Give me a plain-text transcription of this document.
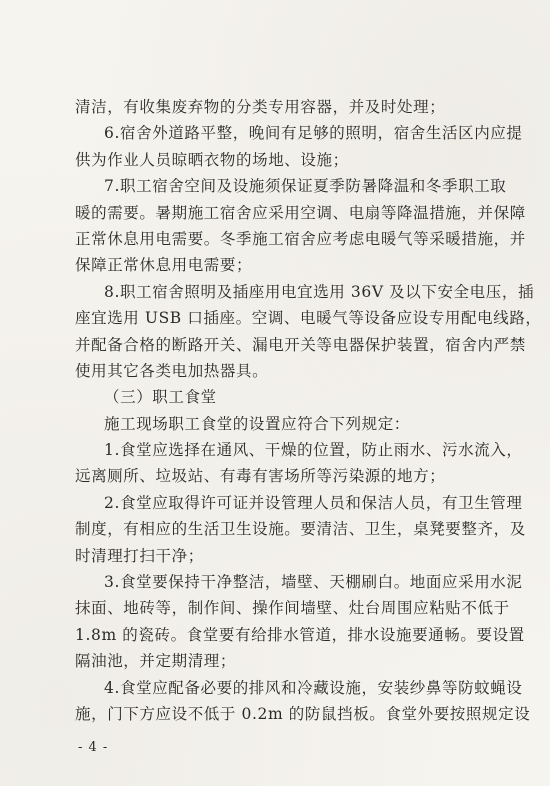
清洁，有收集废弃物的分类专用容器，并及时处理；
6.宿舍外道路平整，晚间有足够的照明，宿舍生活区内应提
供为作业人员晾晒衣物的场地、设施；
7.职工宿舍空间及设施须保证夏季防暑降温和冬季职工取
暖的需要。暑期施工宿舍应采用空调、电扇等降温措施，并保障
正常休息用电需要。冬季施工宿舍应考虑电暖气等采暖措施，并
保障正常休息用电需要；
8.职工宿舍照明及插座用电宜选用 36V 及以下安全电压，插
座宜选用 USB 口插座。空调、电暖气等设备应设专用配电线路，
并配备合格的断路开关、漏电开关等电器保护装置，宿舍内严禁
使用其它各类电加热器具。
（三）职工食堂
施工现场职工食堂的设置应符合下列规定：
1.食堂应选择在通风、干燥的位置，防止雨水、污水流入，
远离厕所、垃圾站、有毒有害场所等污染源的地方；
2.食堂应取得许可证并设管理人员和保洁人员，有卫生管理
制度，有相应的生活卫生设施。要清洁、卫生，桌凳要整齐，及
时清理打扫干净；
3.食堂要保持干净整洁，墙壁、天棚刷白。地面应采用水泥
抹面、地砖等，制作间、操作间墙壁、灶台周围应粘贴不低于
1.8m 的瓷砖。食堂要有给排水管道，排水设施要通畅。要设置
隔油池，并定期清理；
4.食堂应配备必要的排风和冷藏设施，安装纱鼻等防蚊蝇设
施，门下方应设不低于 0.2m 的防鼠挡板。食堂外要按照规定设
- 4 -
